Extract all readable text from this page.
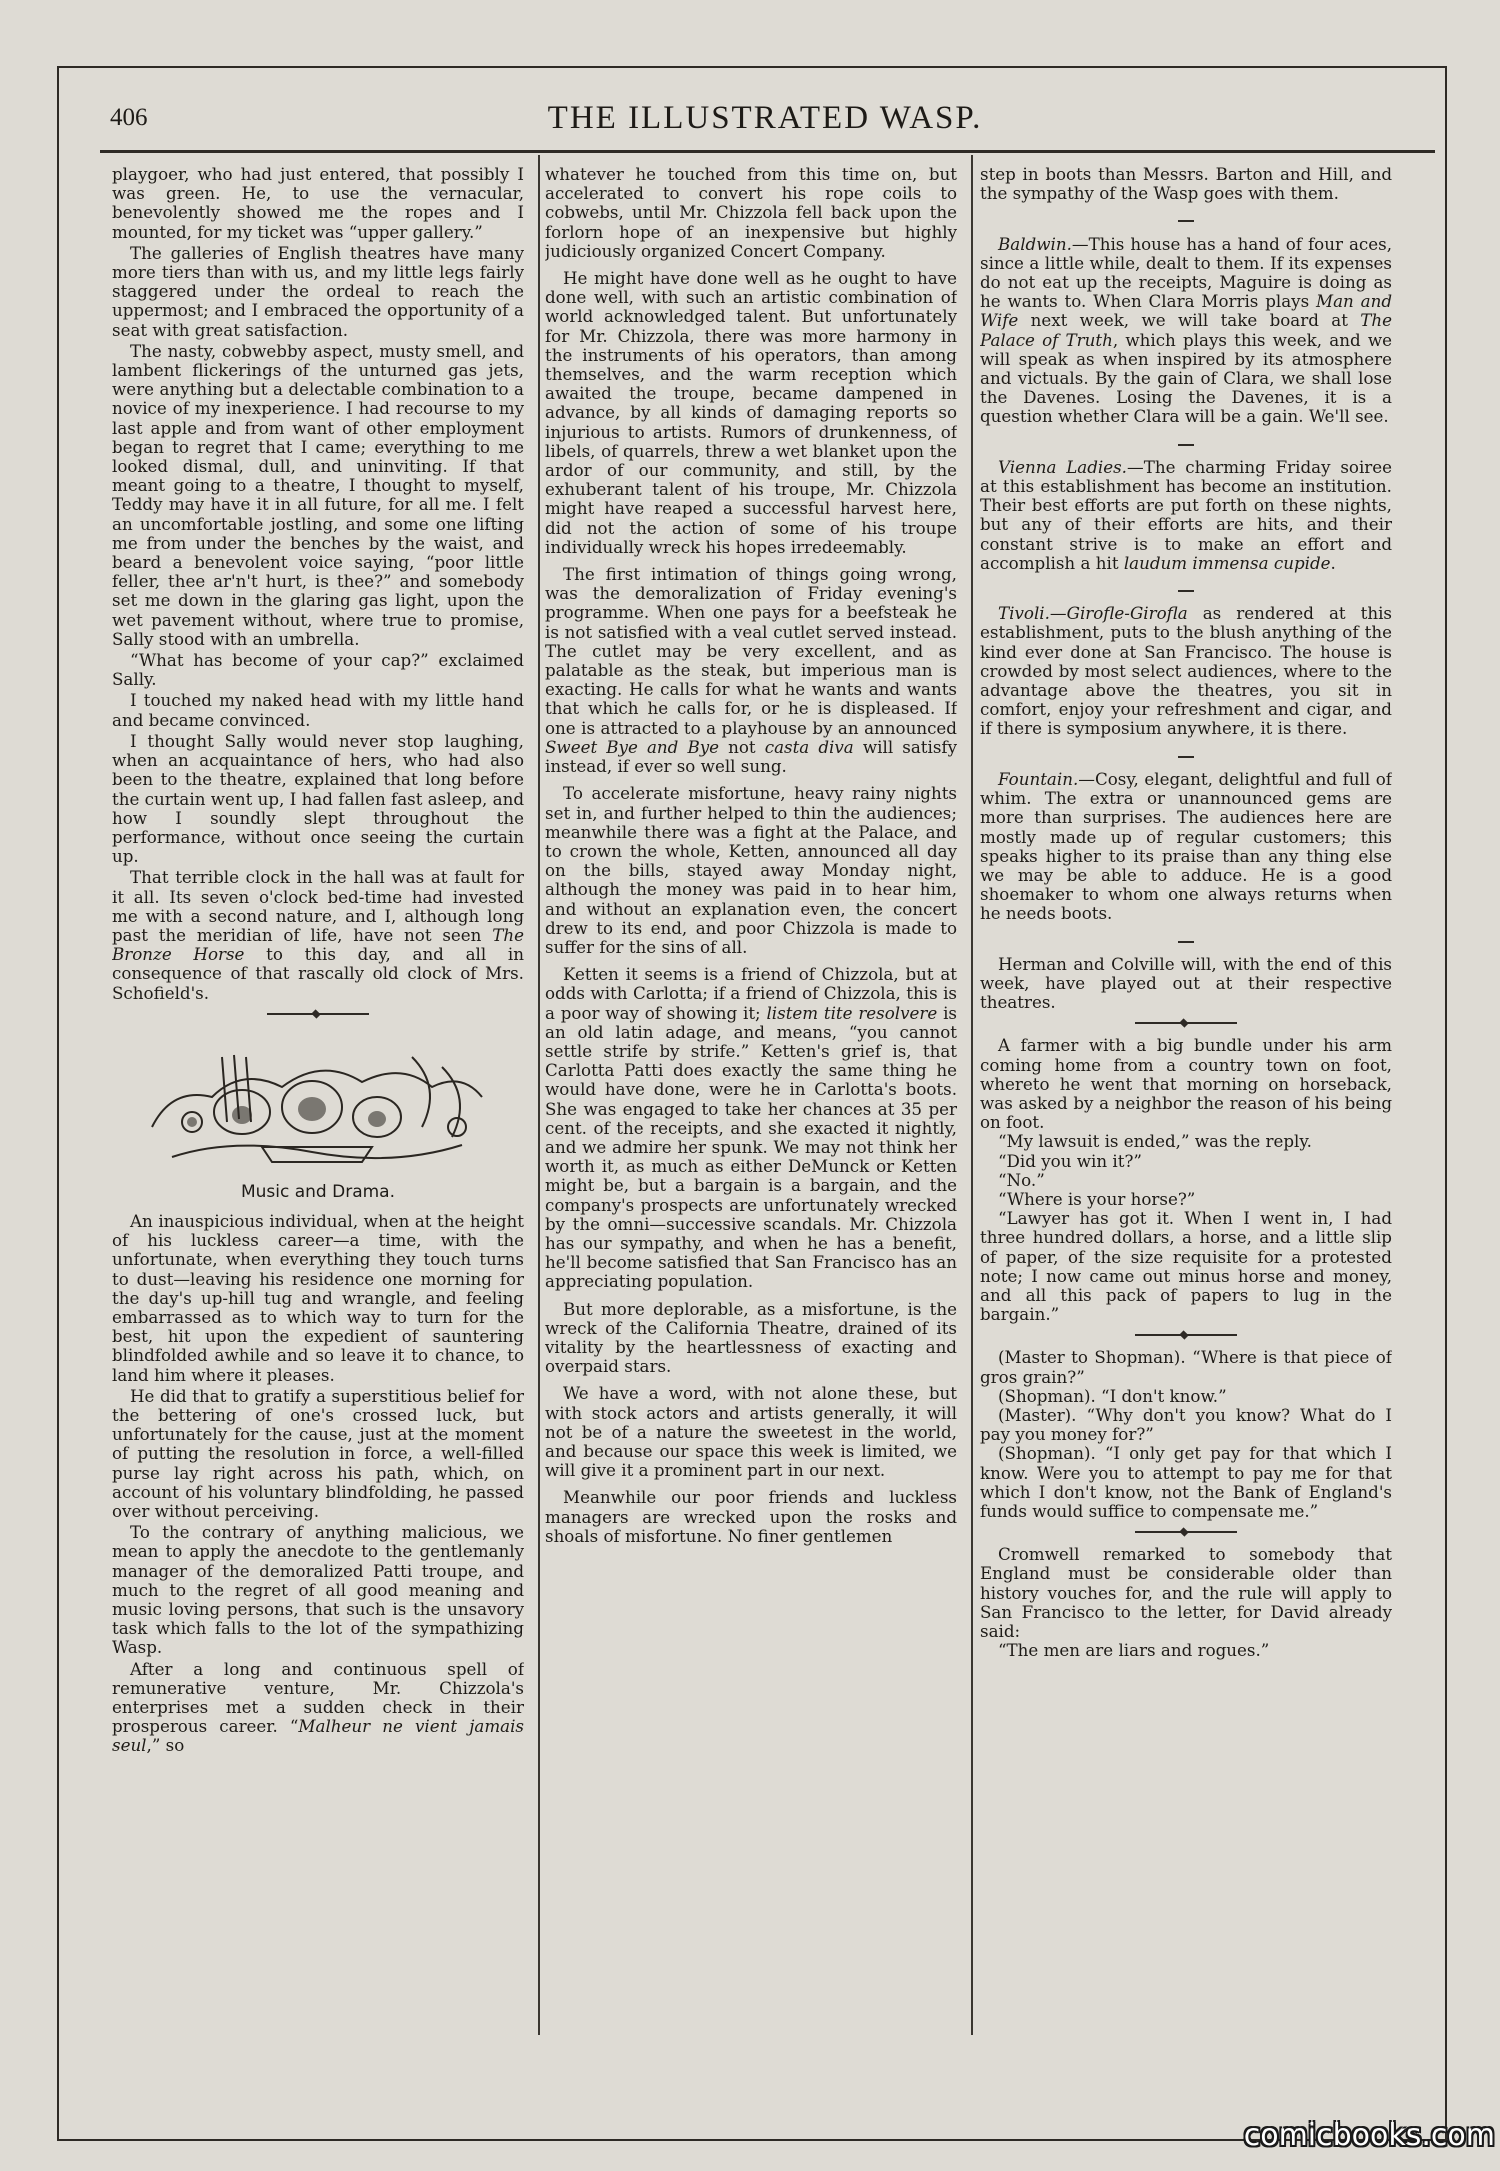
406	THE ILLUSTRATED WASP.

playgoer, who had just entered, that possibly I was green. He, to use the vernacular, benevolently showed me the ropes and I mounted, for my ticket was “upper gallery.”

The galleries of English theatres have many more tiers than with us, and my little legs fairly staggered under the ordeal to reach the uppermost; and I embraced the opportunity of a seat with great satisfaction.

The nasty, cobwebby aspect, musty smell, and lambent flickerings of the unturned gas jets, were anything but a delectable combination to a novice of my inexperience. I had recourse to my last apple and from want of other employment began to regret that I came; everything to me looked dismal, dull, and uninviting. If that meant going to a theatre, I thought to myself, Teddy may have it in all future, for all me. I felt an uncomfortable jostling, and some one lifting me from under the benches by the waist, and beard a benevolent voice saying, “poor little feller, thee ar'n't hurt, is thee?” and somebody set me down in the glaring gas light, upon the wet pavement without, where true to promise, Sally stood with an umbrella.

“What has become of your cap?” exclaimed Sally.

I touched my naked head with my little hand and became convinced.

I thought Sally would never stop laughing, when an acquaintance of hers, who had also been to the theatre, explained that long before the curtain went up, I had fallen fast asleep, and how I soundly slept throughout the performance, without once seeing the curtain up.

That terrible clock in the hall was at fault for it all. Its seven o'clock bed-time had invested me with a second nature, and I, although long past the meridian of life, have not seen The Bronze Horse to this day, and all in consequence of that rascally old clock of Mrs. Schofield's.

Music and Drama.

An inauspicious individual, when at the height of his luckless career—a time, with the unfortunate, when everything they touch turns to dust—leaving his residence one morning for the day's up-hill tug and wrangle, and feeling embarrassed as to which way to turn for the best, hit upon the expedient of sauntering blindfolded awhile and so leave it to chance, to land him where it pleases.

He did that to gratify a superstitious belief for the bettering of one's crossed luck, but unfortunately for the cause, just at the moment of putting the resolution in force, a well-filled purse lay right across his path, which, on account of his voluntary blindfolding, he passed over without perceiving.

To the contrary of anything malicious, we mean to apply the anecdote to the gentlemanly manager of the demoralized Patti troupe, and much to the regret of all good meaning and music loving persons, that such is the unsavory task which falls to the lot of the sympathizing Wasp.

After a long and continuous spell of remunerative venture, Mr. Chizzola's enterprises met a sudden check in their prosperous career. “Malheur ne vient jamais seul,” so

whatever he touched from this time on, but accelerated to convert his rope coils to cobwebs, until Mr. Chizzola fell back upon the forlorn hope of an inexpensive but highly judiciously organized Concert Company.

He might have done well as he ought to have done well, with such an artistic combination of world acknowledged talent. But unfortunately for Mr. Chizzola, there was more harmony in the instruments of his operators, than among themselves, and the warm reception which awaited the troupe, became dampened in advance, by all kinds of damaging reports so injurious to artists. Rumors of drunkenness, of libels, of quarrels, threw a wet blanket upon the ardor of our community, and still, by the exhuberant talent of his troupe, Mr. Chizzola might have reaped a successful harvest here, did not the action of some of his troupe individually wreck his hopes irredeemably.

The first intimation of things going wrong, was the demoralization of Friday evening's programme. When one pays for a beefsteak he is not satisfied with a veal cutlet served instead. The cutlet may be very excellent, and as palatable as the steak, but imperious man is exacting. He calls for what he wants and wants that which he calls for, or he is displeased. If one is attracted to a playhouse by an announced Sweet Bye and Bye not casta diva will satisfy instead, if ever so well sung.

To accelerate misfortune, heavy rainy nights set in, and further helped to thin the audiences; meanwhile there was a fight at the Palace, and to crown the whole, Ketten, announced all day on the bills, stayed away Monday night, although the money was paid in to hear him, and without an explanation even, the concert drew to its end, and poor Chizzola is made to suffer for the sins of all.

Ketten it seems is a friend of Chizzola, but at odds with Carlotta; if a friend of Chizzola, this is a poor way of showing it; listem tite resolvere is an old latin adage, and means, “you cannot settle strife by strife.” Ketten's grief is, that Carlotta Patti does exactly the same thing he would have done, were he in Carlotta's boots. She was engaged to take her chances at 35 per cent. of the receipts, and she exacted it nightly, and we admire her spunk. We may not think her worth it, as much as either DeMunck or Ketten might be, but a bargain is a bargain, and the company's prospects are unfortunately wrecked by the omni—successive scandals. Mr. Chizzola has our sympathy, and when he has a benefit, he'll become satisfied that San Francisco has an appreciating population.

But more deplorable, as a misfortune, is the wreck of the California Theatre, drained of its vitality by the heartlessness of exacting and overpaid stars.

We have a word, with not alone these, but with stock actors and artists generally, it will not be of a nature the sweetest in the world, and because our space this week is limited, we will give it a prominent part in our next.

Meanwhile our poor friends and luckless managers are wrecked upon the rosks and shoals of misfortune. No finer gentlemen

step in boots than Messrs. Barton and Hill, and the sympathy of the Wasp goes with them.

Baldwin.—This house has a hand of four aces, since a little while, dealt to them. If its expenses do not eat up the receipts, Maguire is doing as he wants to. When Clara Morris plays Man and Wife next week, we will take board at The Palace of Truth, which plays this week, and we will speak as when inspired by its atmosphere and victuals. By the gain of Clara, we shall lose the Davenes. Losing the Davenes, it is a question whether Clara will be a gain. We'll see.

Vienna Ladies.—The charming Friday soiree at this establishment has become an institution. Their best efforts are put forth on these nights, but any of their efforts are hits, and their constant strive is to make an effort and accomplish a hit laudum immensa cupide.

Tivoli.—Girofle-Girofla as rendered at this establishment, puts to the blush anything of the kind ever done at San Francisco. The house is crowded by most select audiences, where to the advantage above the theatres, you sit in comfort, enjoy your refreshment and cigar, and if there is symposium anywhere, it is there.

Fountain.—Cosy, elegant, delightful and full of whim. The extra or unannounced gems are more than surprises. The audiences here are mostly made up of regular customers; this speaks higher to its praise than any thing else we may be able to adduce. He is a good shoemaker to whom one always returns when he needs boots.

Herman and Colville will, with the end of this week, have played out at their respective theatres.

A farmer with a big bundle under his arm coming home from a country town on foot, whereto he went that morning on horseback, was asked by a neighbor the reason of his being on foot.

“My lawsuit is ended,” was the reply.

“Did you win it?”

“No.”

“Where is your horse?”

“Lawyer has got it. When I went in, I had three hundred dollars, a horse, and a little slip of paper, of the size requisite for a protested note; I now came out minus horse and money, and all this pack of papers to lug in the bargain.”

(Master to Shopman). “Where is that piece of gros grain?”

(Shopman). “I don't know.”

(Master). “Why don't you know? What do I pay you money for?”

(Shopman). “I only get pay for that which I know. Were you to attempt to pay me for that which I don't know, not the Bank of England's funds would suffice to compensate me.”

Cromwell remarked to somebody that England must be considerable older than history vouches for, and the rule will apply to San Francisco to the letter, for David already said:

“The men are liars and rogues.”

comicbooks.com
